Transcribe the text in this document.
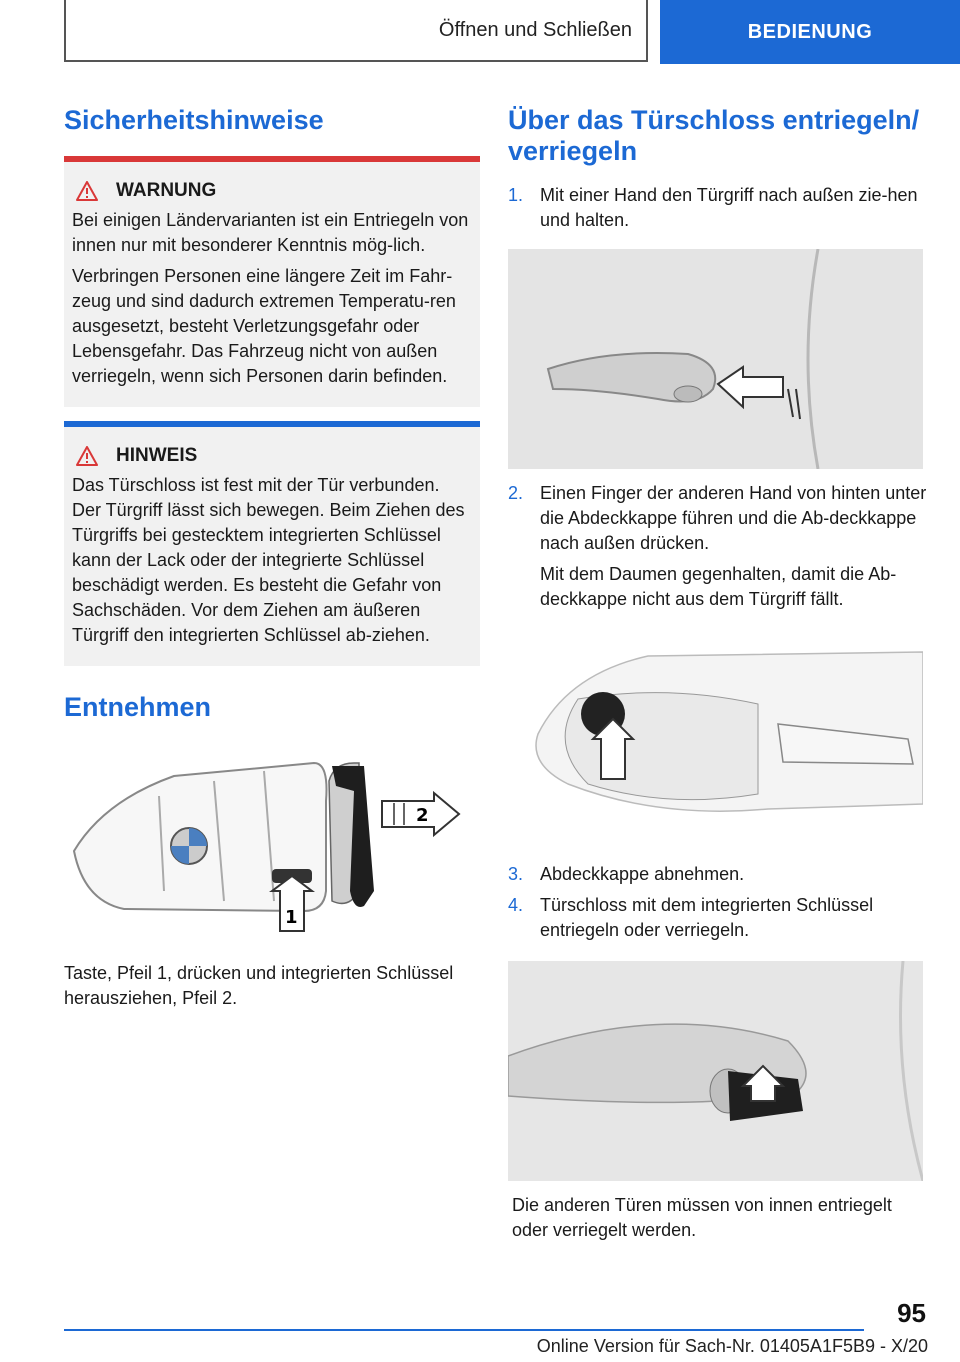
Öffnen und Schließen	BEDIENUNG
Sicherheitshinweise
WARNUNG

Bei einigen Ländervarianten ist ein Entriegeln von innen nur mit besonderer Kenntnis mög-lich.

Verbringen Personen eine längere Zeit im Fahr-zeug und sind dadurch extremen Temperatu-ren ausgesetzt, besteht Verletzungsgefahr oder Lebensgefahr. Das Fahrzeug nicht von außen verriegeln, wenn sich Personen darin befinden.

HINWEIS

Das Türschloss ist fest mit der Tür verbunden. Der Türgriff lässt sich bewegen. Beim Ziehen des Türgriffs bei gestecktem integrierten Schlüssel kann der Lack oder der integrierte Schlüssel beschädigt werden. Es besteht die Gefahr von Sachschäden. Vor dem Ziehen am äußeren Türgriff den integrierten Schlüssel ab-ziehen.

Entnehmen
2
1

Taste, Pfeil 1, drücken und integrierten Schlüssel herausziehen, Pfeil 2.

Über das Türschloss entriegeln/ verriegeln
1. Mit einer Hand den Türgriff nach außen zie-hen und halten.
2. Einen Finger der anderen Hand von hinten unter die Abdeckkappe führen und die Ab-deckkappe nach außen drücken.
Mit dem Daumen gegenhalten, damit die Ab-deckkappe nicht aus dem Türgriff fällt.
3. Abdeckkappe abnehmen.
4. Türschloss mit dem integrierten Schlüssel entriegeln oder verriegeln.

Die anderen Türen müssen von innen entriegelt oder verriegelt werden.

95
Online Version für Sach-Nr. 01405A1F5B9 - X/20
